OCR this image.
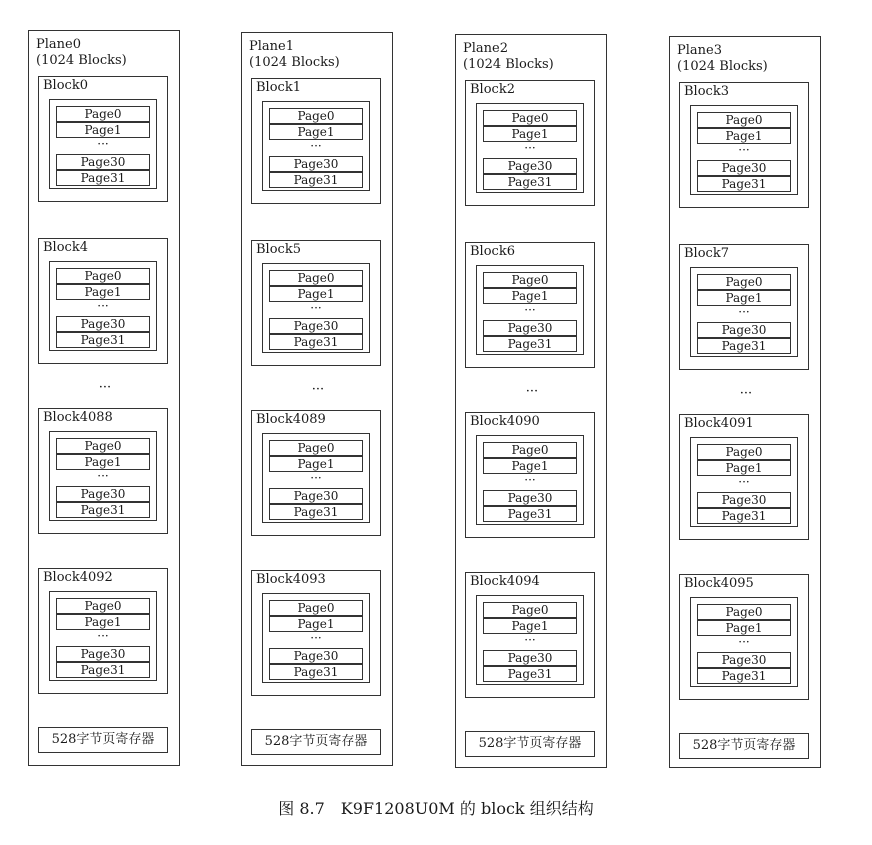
Plane0
(1024 Blocks)
Block0
Page0
Page1
···
Page30
Page31
Block4
Page0
Page1
···
Page30
Page31
Block4088
Page0
Page1
···
Page30
Page31
Block4092
Page0
Page1
···
Page30
Page31
···
528字节页寄存器
Plane1
(1024 Blocks)
Block1
Page0
Page1
···
Page30
Page31
Block5
Page0
Page1
···
Page30
Page31
Block4089
Page0
Page1
···
Page30
Page31
Block4093
Page0
Page1
···
Page30
Page31
···
528字节页寄存器
Plane2
(1024 Blocks)
Block2
Page0
Page1
···
Page30
Page31
Block6
Page0
Page1
···
Page30
Page31
Block4090
Page0
Page1
···
Page30
Page31
Block4094
Page0
Page1
···
Page30
Page31
···
528字节页寄存器
Plane3
(1024 Blocks)
Block3
Page0
Page1
···
Page30
Page31
Block7
Page0
Page1
···
Page30
Page31
Block4091
Page0
Page1
···
Page30
Page31
Block4095
Page0
Page1
···
Page30
Page31
···
528字节页寄存器
图 8.7　K9F1208U0M 的 block 组织结构
